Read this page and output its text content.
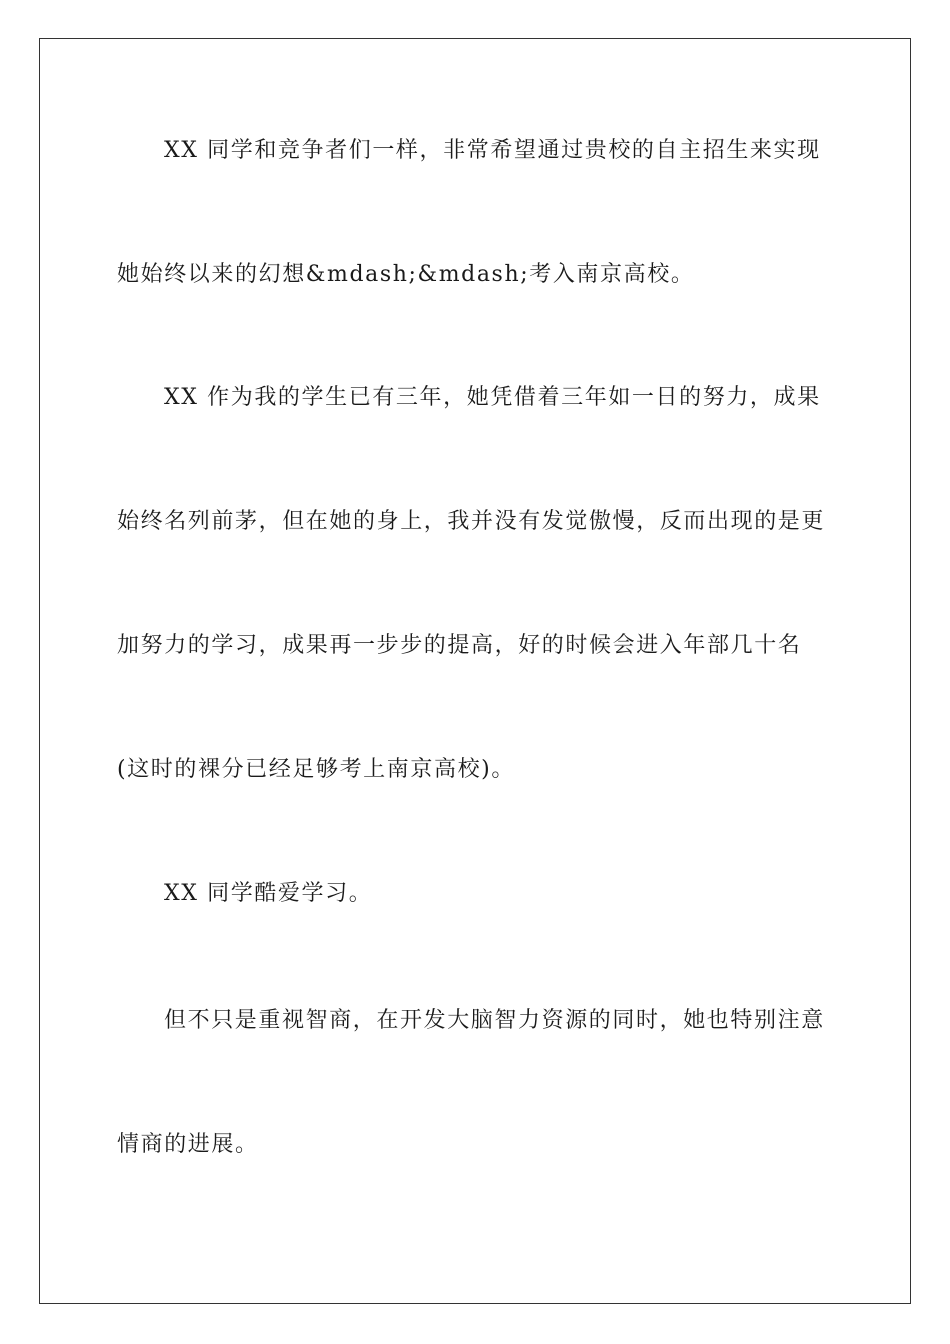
XX 同学和竞争者们一样，非常希望通过贵校的自主招生来实现
她始终以来的幻想&mdash;&mdash;考入南京高校。
XX 作为我的学生已有三年，她凭借着三年如一日的努力，成果
始终名列前茅，但在她的身上，我并没有发觉傲慢，反而出现的是更
加努力的学习，成果再一步步的提高，好的时候会进入年部几十名
(这时的裸分已经足够考上南京高校)。
XX 同学酷爱学习。
但不只是重视智商，在开发大脑智力资源的同时，她也特别注意
情商的进展。
